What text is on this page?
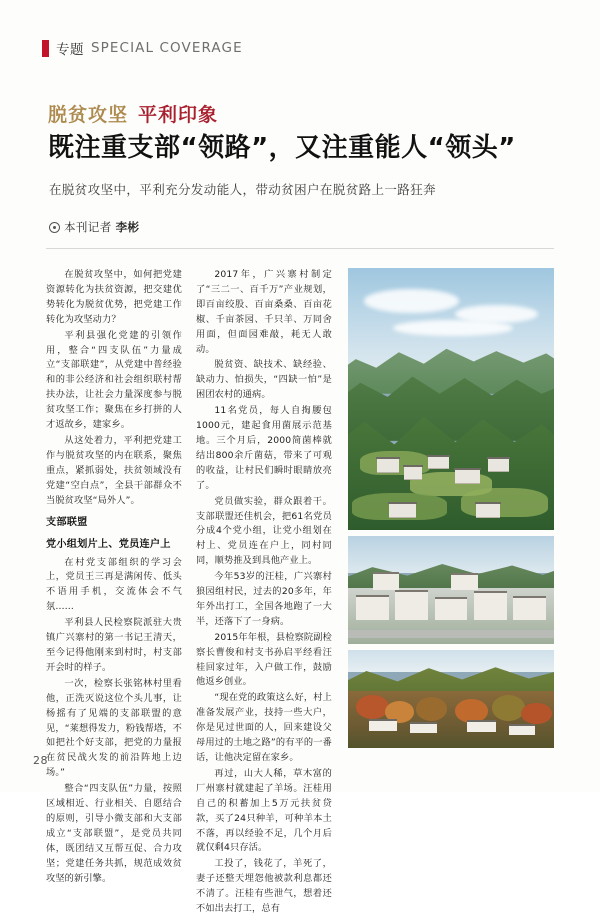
专题 SPECIAL COVERAGE
脱贫攻坚 平利印象
既注重支部“领路”，又注重能人“领头”
在脱贫攻坚中，平利充分发动能人，带动贫困户在脱贫路上一路狂奔
本刊记者 李彬

在脱贫攻坚中，如何把党建资源转化为扶贫资源，把交建优势转化为脱贫优势，把党建工作转化为攻坚动力？

平利县强化党建的引领作用，整合“四支队伍”力量成立“支部联建”，从党建中普经验和的非公经济和社会组织联村帮扶办法，让社会力量深度参与脱贫攻坚工作；聚焦在乡打拼的人才返故乡，建家乡。

从这处着力，平利把党建工作与脱贫攻坚的内在联系，聚焦重点，紧抓弱处，扶贫领域没有党建“空白点”，全县干部群众不当脱贫攻坚“局外人”。

支部联盟
党小组划片上、党员连户上

在村党支部组织的学习会上，党员王三再是满闲传、低头不语用手机，交流体会不气氛……

平利县人民检察院派驻大贵镇广兴寨村的第一书记王清天，至今记得他刚来到村时，村支部开会时的样子。

一次，检察长张铭林村里看他，正洗灭说这位个头儿事，让杨摇有了见端的支部联盟的意见，“莱想得发力，粉钱帮塔，不如把社个好支部，把党的力量报在贫民战火发的前沿阵地上边场。”

整合“四支队伍”力量，按照区域相近、行业相关、自愿结合的原则，引导小微支部和大支部成立“支部联盟”，是党员共同体，既团结又互帮互促、合力攻坚；党建任务共抓，规范成效贫攻坚的新引擎。

2017年，广兴寨村制定了“三二一、百千万”产业规划，即百亩绞股、百亩桑桑、百亩花椒、千亩茶园、千只羊、万同舍用面，但面园难敲，耗无人敢动。

脱贫资、缺技术、缺经验、缺动力、怕损失，“四缺一怕”是困团农村的通病。

11名党员，每人自掏腰包1000元，建起食用菌展示范基地。三个月后，2000简菌棒就结出800余斤菌菇，带来了可观的收益，让村民们瞬时眼睛放亮了。

党员做实验，群众跟着干。支部联盟还佳机会，把61名党员分成4个党小组，让党小组划在村上、党员连在户上，同村同同，顺势推及到具他产业上。

今年53岁的汪桂，广兴寨村狼园组村民，过去的20多年，年年外出打工，全国各地跑了一大半，还落下了一身病。

2015年年根，县检察院副检察长曹俊和村支书孙启平经看汪桂回家过年，入户做工作，鼓励他返乡创业。

“现在党的政策这么好，村上准备发展产业，技持一些大户，你是见过世面的人，回来建设父母用过的土地之路”的有平的一番话，让他决定留在家乡。

再过，山大人稀，草木富的厂州寨村就建起了羊场。汪桂用自己的积蓄加上5万元扶贫贷款，买了24只种羊，可种羊本土不落，再以经验不足，几个月后就仅剩4只存活。

工投了，钱花了，羊死了，妻子还整天埋怨他被款利息都还不清了。汪桂有些泄气，想着还不如出去打工，总有

28
